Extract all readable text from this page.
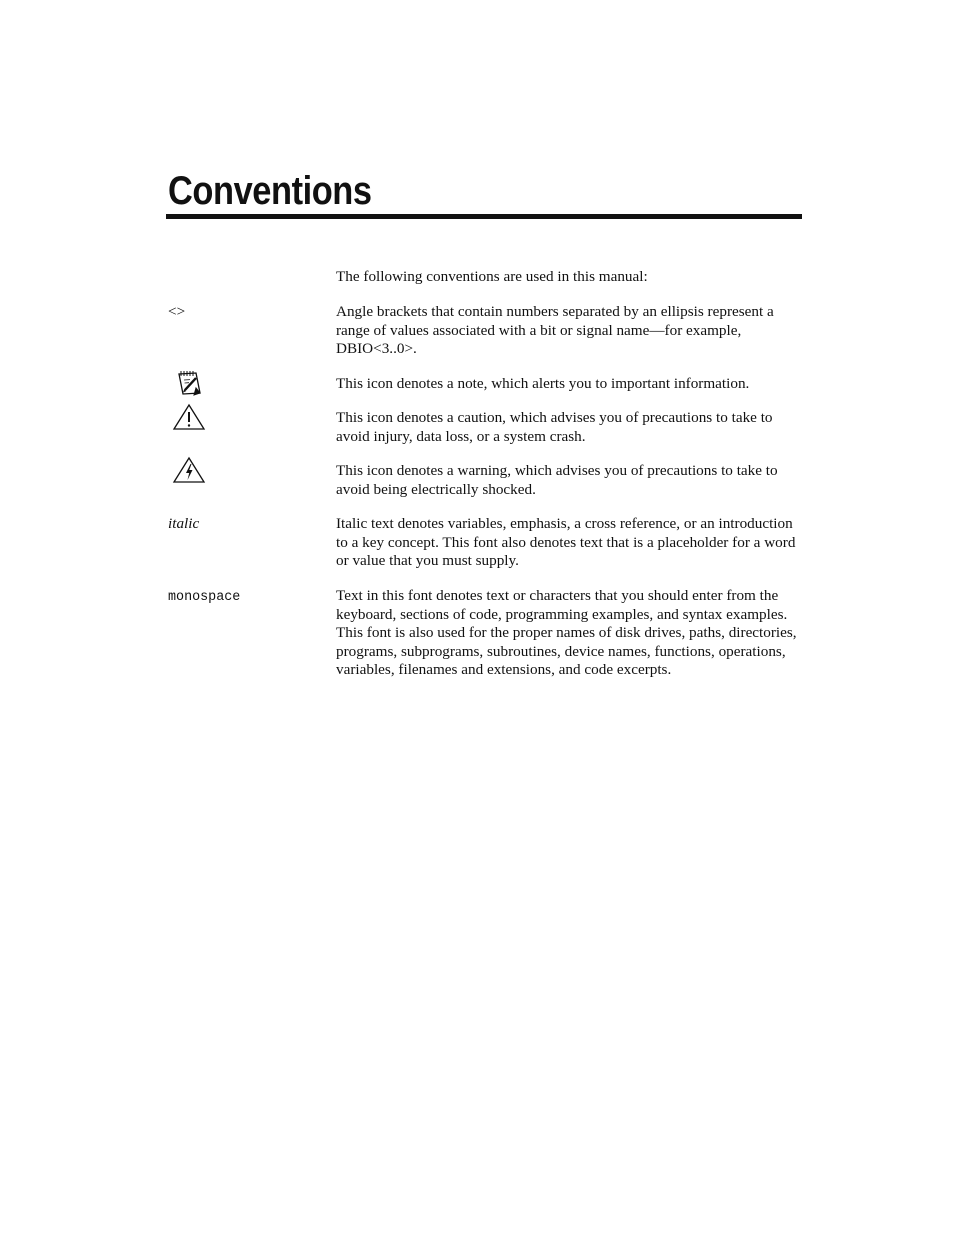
Conventions
The following conventions are used in this manual:
<>	Angle brackets that contain numbers separated by an ellipsis represent a range of values associated with a bit or signal name—for example, DBIO<3..0>.
This icon denotes a note, which alerts you to important information.
This icon denotes a caution, which advises you of precautions to take to avoid injury, data loss, or a system crash.
This icon denotes a warning, which advises you of precautions to take to avoid being electrically shocked.
italic	Italic text denotes variables, emphasis, a cross reference, or an introduction to a key concept. This font also denotes text that is a placeholder for a word or value that you must supply.
monospace	Text in this font denotes text or characters that you should enter from the keyboard, sections of code, programming examples, and syntax examples. This font is also used for the proper names of disk drives, paths, directories, programs, subprograms, subroutines, device names, functions, operations, variables, filenames and extensions, and code excerpts.
